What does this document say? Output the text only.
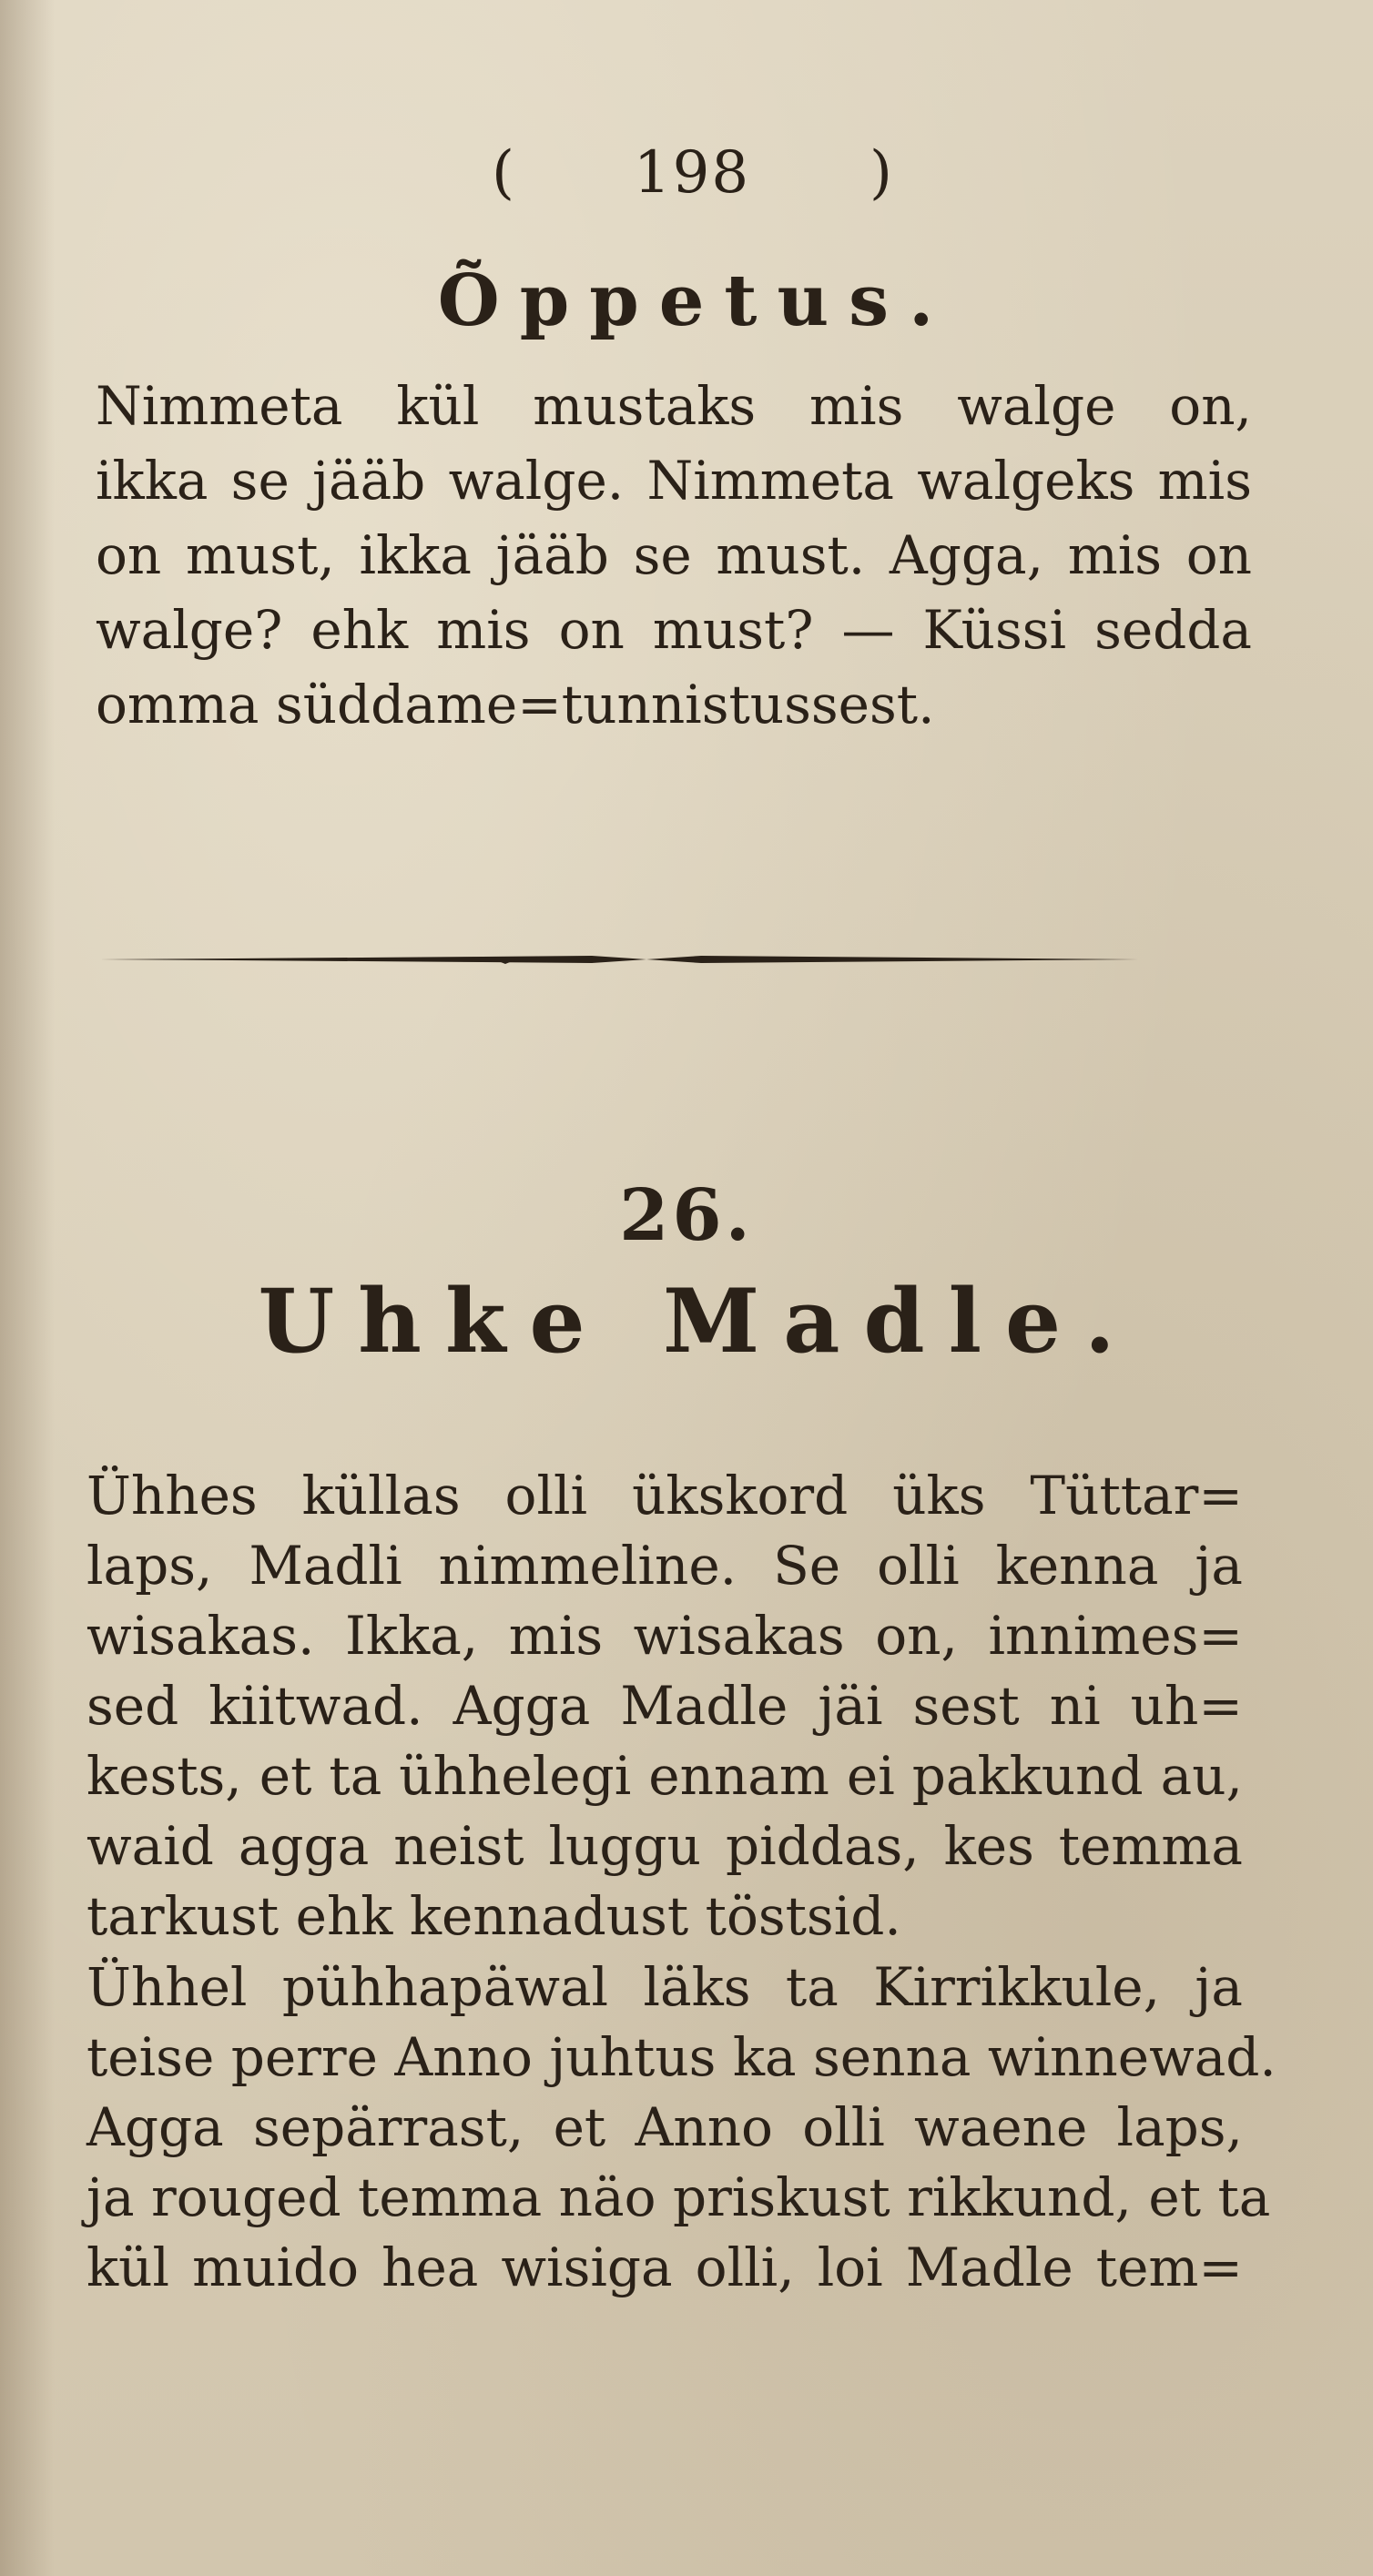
( 198 )
Õppetus.
Nimmeta kül mustaks mis walge on,
ikka se jääb walge. Nimmeta walgeks mis
on must, ikka jääb se must. Agga, mis on
walge? ehk mis on must? — Küssi sedda
omma süddame=tunnistussest.
26.
Uhke Madle.
Ühhes küllas olli ükskord üks Tüttar=
laps, Madli nimmeline. Se olli kenna ja
wisakas. Ikka, mis wisakas on, innimes=
sed kiitwad. Agga Madle jäi sest ni uh=
kests, et ta ühhelegi ennam ei pakkund au,
waid agga neist luggu piddas, kes temma
tarkust ehk kennadust töstsid.
Ühhel pühhapäwal läks ta Kirrikkule, ja
teise perre Anno juhtus ka senna winnewad.
Agga sepärrast, et Anno olli waene laps,
ja rouged temma näo priskust rikkund, et ta
kül muido hea wisiga olli, loi Madle tem=
